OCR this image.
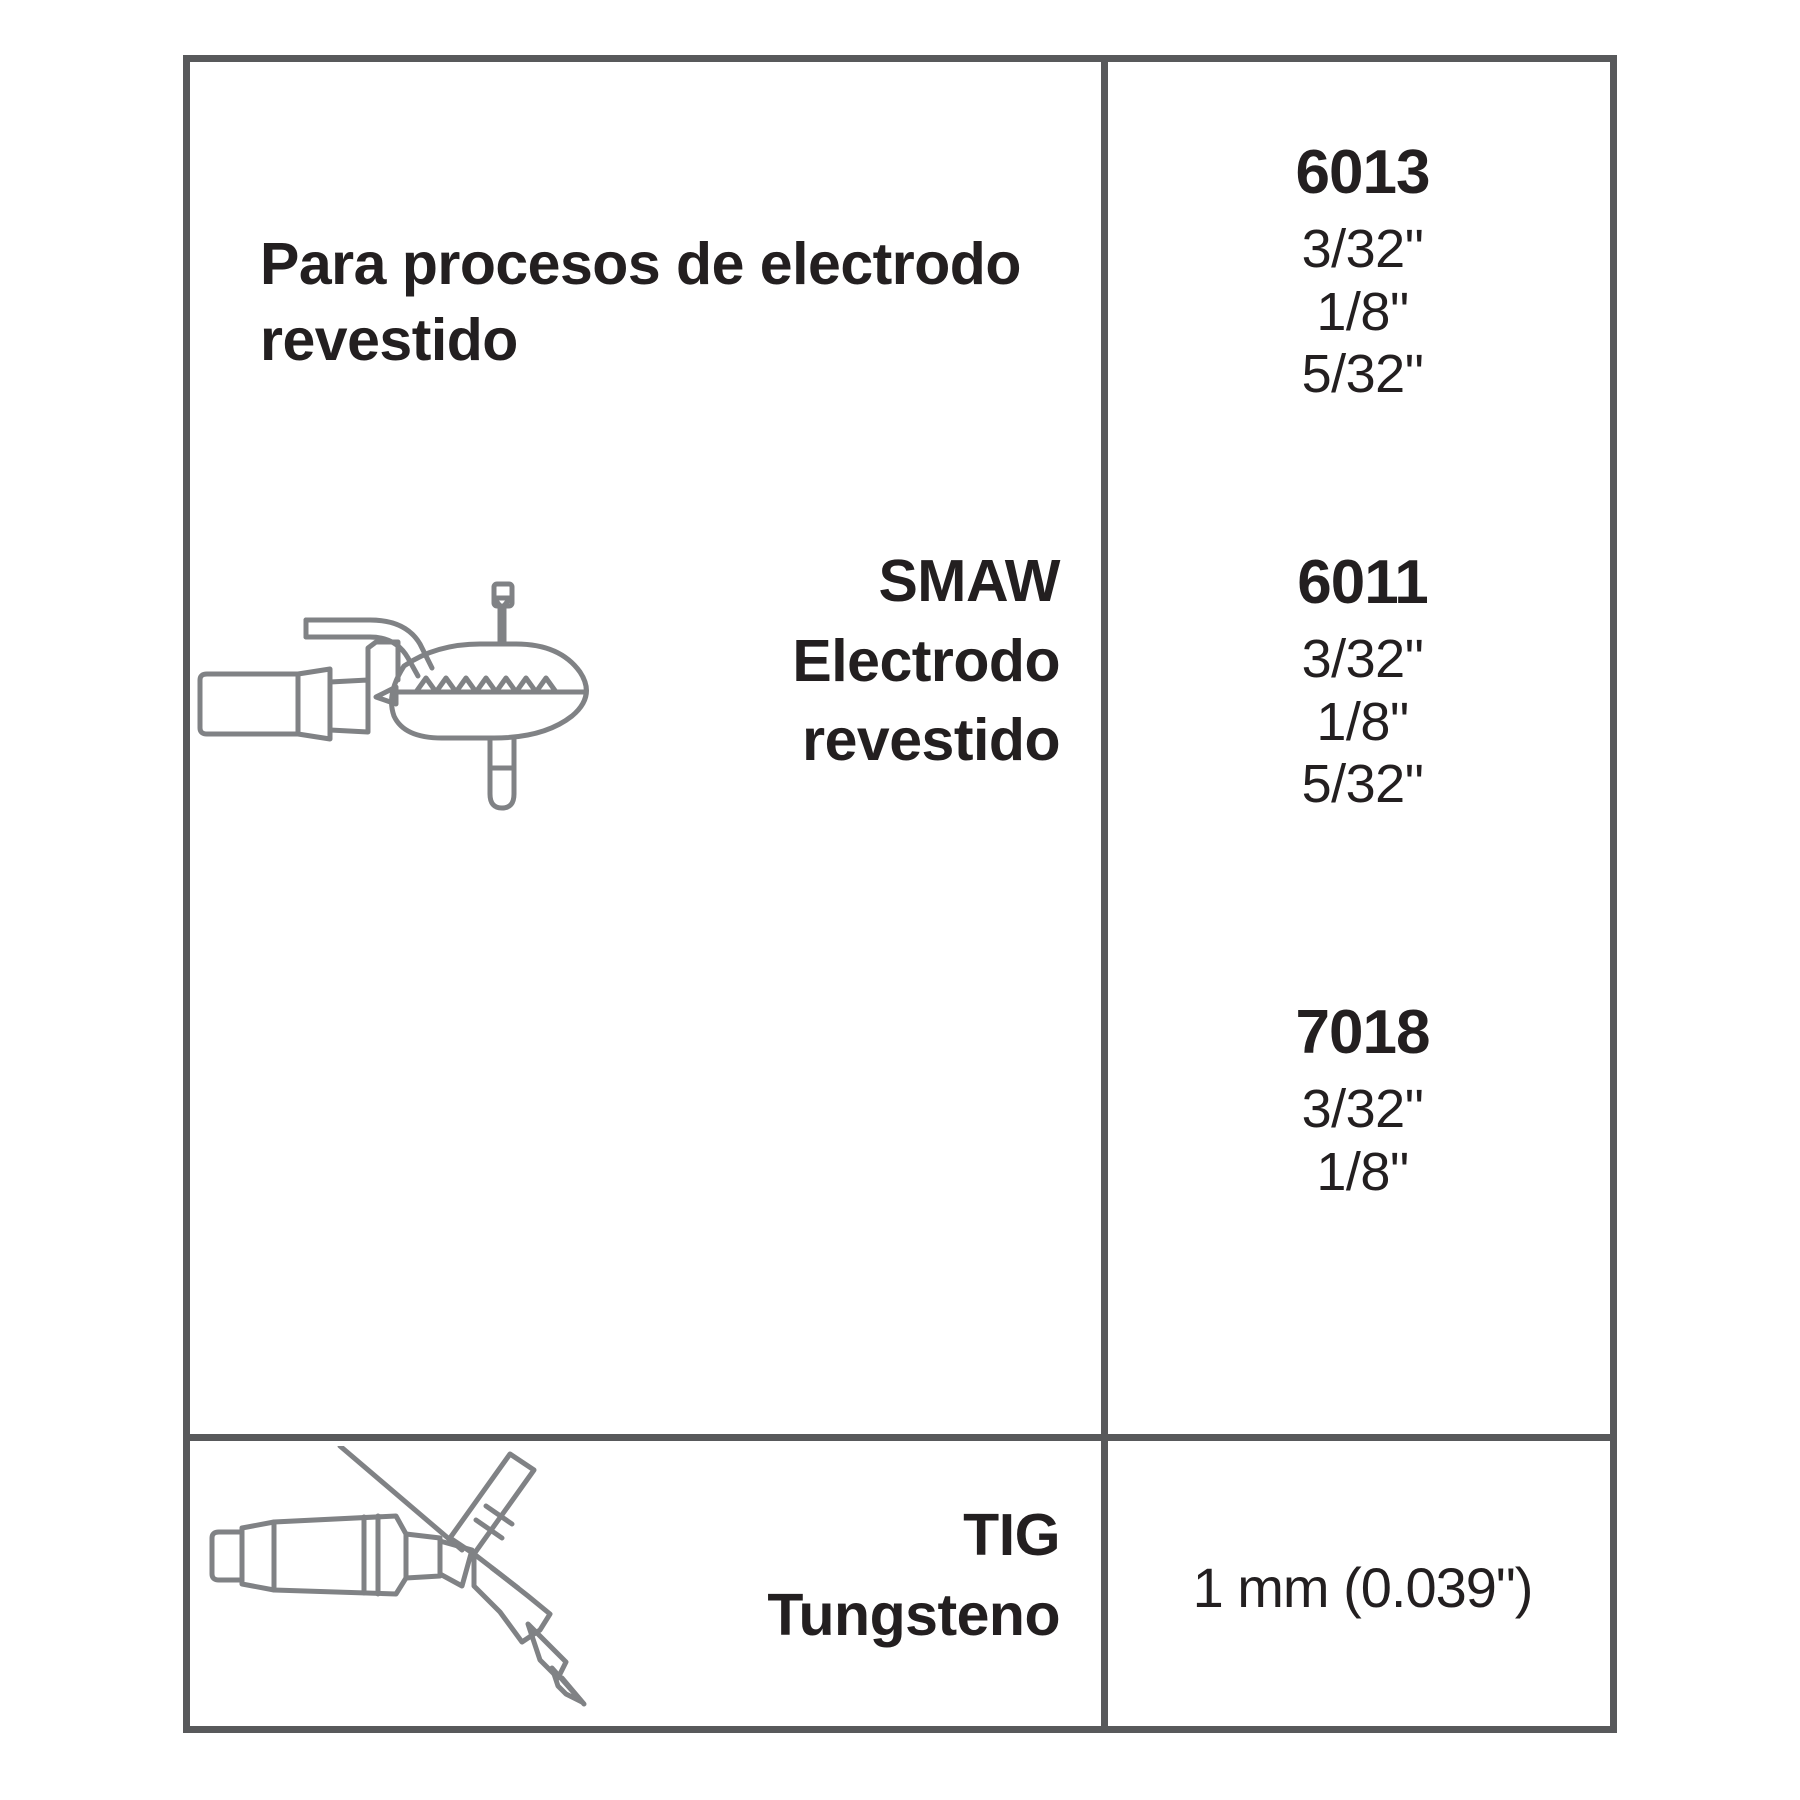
Para procesos de electrodo revestido
SMAW
Electrodo
revestido
6013
3/32"
1/8"
5/32"
6011
3/32"
1/8"
5/32"
7018
3/32"
1/8"
TIG
Tungsteno	1 mm (0.039")
